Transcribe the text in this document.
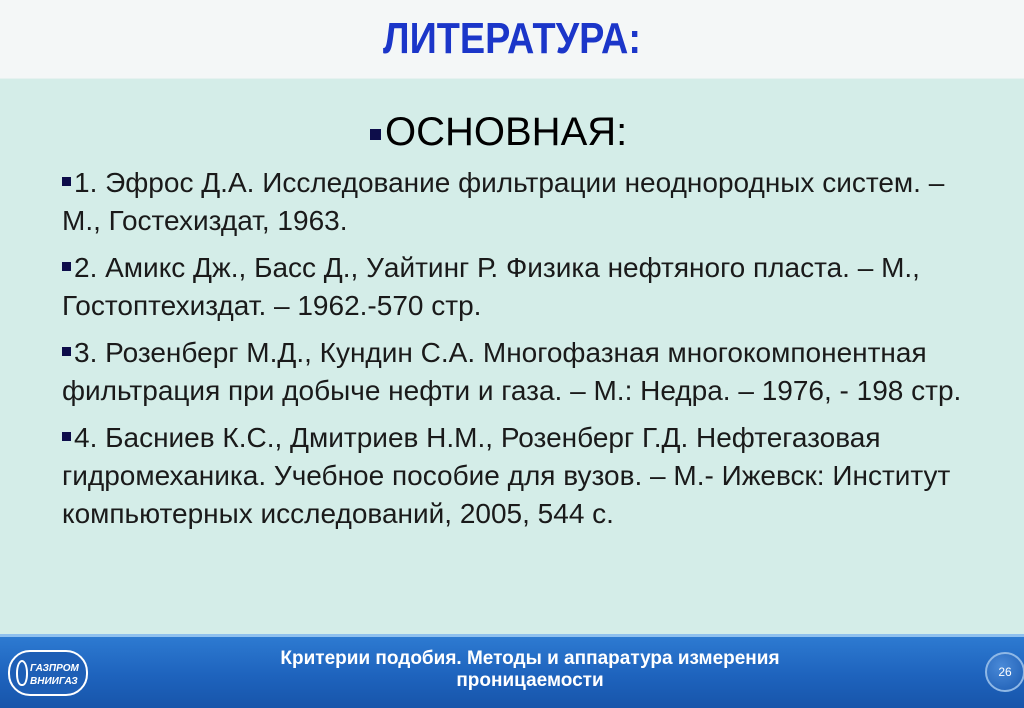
ЛИТЕРАТУРА:
ОСНОВНАЯ:
1. Эфрос Д.А. Исследование фильтрации неоднородных систем. – М., Гостехиздат, 1963.
2. Амикс Дж., Басс Д., Уайтинг Р. Физика нефтяного пласта. – М., Гостоптехиздат. – 1962.-570 стр.
3. Розенберг М.Д., Кундин С.А. Многофазная многокомпонентная фильтрация при добыче нефти и газа. – М.: Недра. – 1976, - 198 стр.
4. Басниев К.С., Дмитриев Н.М., Розенберг Г.Д. Нефтегазовая гидромеханика. Учебное пособие для вузов. – М.- Ижевск: Институт компьютерных исследований, 2005, 544 с.
ГАЗПРОМ
ВНИИГАЗ
Критерии подобия. Методы и аппаратура измерения
проницаемости	26
